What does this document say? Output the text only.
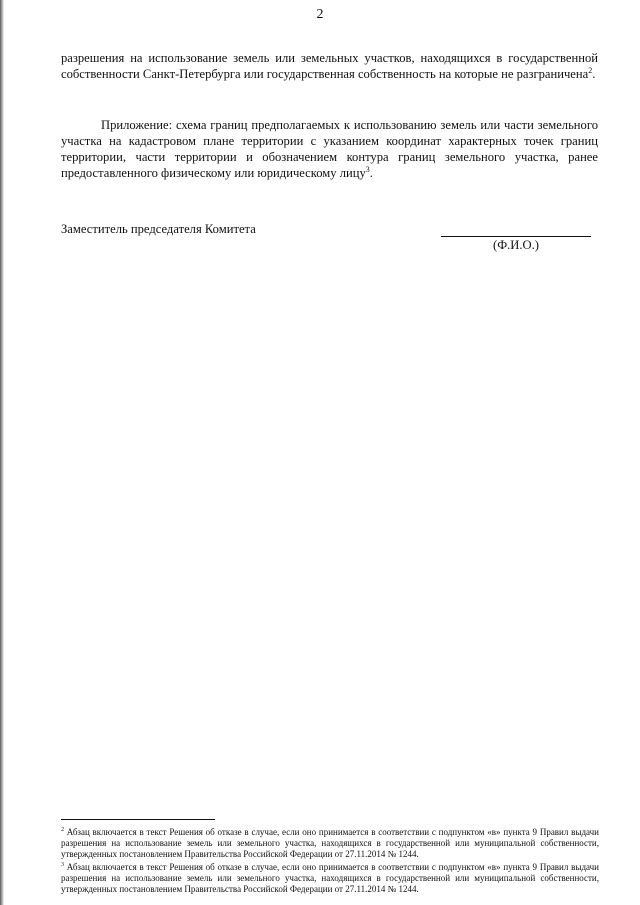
2

разрешения на использование земель или земельных участков, находящихся в государственной собственности Санкт-Петербурга или государственная собственность на которые не разграничена$^2$.

Приложение: схема границ предполагаемых к использованию земель или части земельного участка на кадастровом плане территории с указанием координат характерных точек границ территории, части территории и обозначением контура границ земельного участка, ранее предоставленного физическому или юридическому лицу$^3$.

Заместитель председателя Комитета

(Ф.И.О.)

$^2$ Абзац включается в текст Решения об отказе в случае, если оно принимается в соответствии с подпунктом «в» пункта 9 Правил выдачи разрешения на использование земель или земельного участка, находящихся в государственной или муниципальной собственности, утвержденных постановлением Правительства Российской Федерации от 27.11.2014 № 1244.

$^3$ Абзац включается в текст Решения об отказе в случае, если оно принимается в соответствии с подпунктом «в» пункта 9 Правил выдачи разрешения на использование земель или земельного участка, находящихся в государственной или муниципальной собственности, утвержденных постановлением Правительства Российской Федерации от 27.11.2014 № 1244.
